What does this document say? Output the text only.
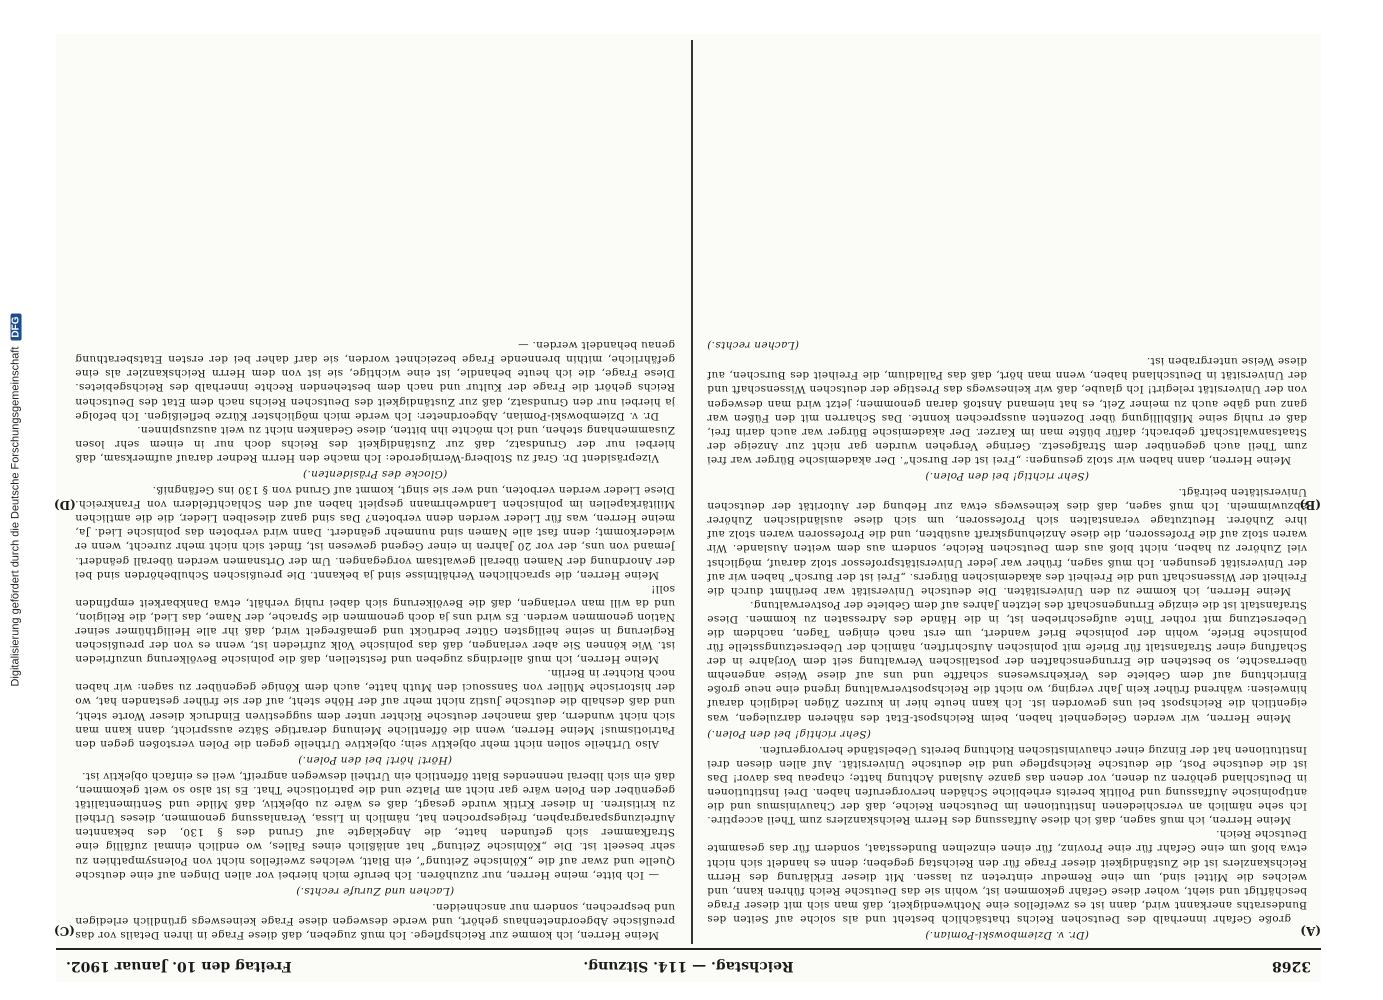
Digitalisierung gefördert durch die Deutsche Forschungsgemeinschaft
DFG
3268
Reichstag. — 114. Sitzung.
Freitag den 10. Januar 1902.
(A)
(B)
(C)
(D)

(Dr. v. Dziembowski-Pomian.)

große Gefahr innerhalb des Deutschen Reichs thatsächlich besteht und als solche auf Seiten des Bundesraths anerkannt wird, dann ist es zweifellos eine Nothwendigkeit, daß man sich mit dieser Frage beschäftigt und sieht, woher diese Gefahr gekommen ist, wohin sie das Deutsche Reich führen kann, und welches die Mittel sind, um eine Remedur eintreten zu lassen. Mit dieser Erklärung des Herrn Reichskanzlers ist die Zuständigkeit dieser Frage für den Reichstag gegeben; denn es handelt sich nicht etwa bloß um eine Gefahr für eine Provinz, für einen einzelnen Bundesstaat, sondern für das gesammte Deutsche Reich.

Meine Herren, ich muß sagen, daß ich diese Auffassung des Herrn Reichskanzlers zum Theil acceptire. Ich sehe nämlich an verschiedenen Institutionen im Deutschen Reiche, daß der Chauvinismus und die antipolnische Auffassung und Politik bereits erhebliche Schäden hervorgerufen haben. Drei Institutionen in Deutschland gehören zu denen, vor denen das ganze Ausland Achtung hatte; chapeau bas davor! Das ist die deutsche Post, die deutsche Reichspflege und die deutsche Universität. Auf allen diesen drei Institutionen hat der Einzug einer chauvinistischen Richtung bereits Uebelstände hervorgerufen.

(Sehr richtig! bei den Polen.)

Meine Herren, wir werden Gelegenheit haben, beim Reichspost-Etat des näheren darzulegen, was eigentlich die Reichspost bei uns geworden ist. Ich kann heute hier in kurzen Zügen lediglich darauf hinweisen: während früher kein Jahr verging, wo nicht die Reichspostverwaltung irgend eine neue große Einrichtung auf dem Gebiete des Verkehrswesens schaffte und uns auf diese Weise angenehm überraschte, so bestehen die Errungenschaften der postalischen Verwaltung seit dem Vorjahre in der Schaffung einer Strafanstalt für Briefe mit polnischen Aufschriften, nämlich der Uebersetzungsstelle für polnische Briefe, wohin der polnische Brief wandert, um erst nach einigen Tagen, nachdem die Uebersetzung mit rother Tinte aufgeschrieben ist, in die Hände des Adressaten zu kommen. Diese Strafanstalt ist die einzige Errungenschaft des letzten Jahres auf dem Gebiete der Postverwaltung.

Meine Herren, ich komme zu den Universitäten. Die deutsche Universität war berühmt durch die Freiheit der Wissenschaft und die Freiheit des akademischen Bürgers. „Frei ist der Bursch“ haben wir auf der Universität gesungen. Ich muß sagen, früher war jeder Universitätsprofessor stolz darauf, möglichst viel Zuhörer zu haben, nicht bloß aus dem Deutschen Reiche, sondern aus dem weiten Auslande. Wir waren stolz auf die Professoren, die diese Anziehungskraft ausübten, und die Professoren waren stolz auf ihre Zuhörer. Heutzutage veranstalten sich Professoren, um sich diese ausländischen Zuhörer abzuwimmeln. Ich muß sagen, daß dies keineswegs etwa zur Hebung der Autorität der deutschen Universitäten beiträgt.

(Sehr richtig! bei den Polen.)

Meine Herren, dann haben wir stolz gesungen: „Frei ist der Bursch“. Der akademische Bürger war frei zum Theil auch gegenüber dem Strafgesetz. Geringe Vergehen wurden gar nicht zur Anzeige der Staatsanwaltschaft gebracht; dafür büßte man im Karzer. Der akademische Bürger war auch darin frei, daß er ruhig seine Mißbilligung über Dozenten aussprechen konnte. Das Scharren mit den Füßen war ganz und gäbe auch zu meiner Zeit, es hat niemand Anstoß daran genommen; jetzt wird man deswegen von der Universität relegirt! Ich glaube, daß wir keineswegs das Prestige der deutschen Wissenschaft und der Universität in Deutschland haben, wenn man hört, daß das Palladium, die Freiheit des Burschen, auf diese Weise untergraben ist.

(Lachen rechts.)

Meine Herren, ich komme zur Reichspflege. Ich muß zugeben, daß diese Frage in ihren Details vor das preußische Abgeordnetenhaus gehört, und werde deswegen diese Frage keineswegs gründlich erledigen und besprechen, sondern nur anschneiden.

(Lachen und Zurufe rechts.)

— Ich bitte, meine Herren, nur zuzuhören. Ich berufe mich hierbei vor allen Dingen auf eine deutsche Quelle und zwar auf die „Kölnische Zeitung“, ein Blatt, welches zweifellos nicht von Polensympathien zu sehr beseelt ist. Die „Kölnische Zeitung“ hat anläßlich eines Falles, wo endlich einmal zufällig eine Strafkammer sich gefunden hatte, die Angeklagte auf Grund des § 130, des bekannten Aufreizungsparagraphen, freigesprochen hat, nämlich in Lissa, Veranlassung genommen, dieses Urtheil zu kritisiren. In dieser Kritik wurde gesagt, daß es wäre zu objektiv, daß Milde und Sentimentalität gegenüber den Polen wäre gar nicht am Platze und die patriotische That. Es ist also so weit gekommen, daß ein sich liberal nennendes Blatt öffentlich ein Urtheil deswegen angreift, weil es einfach objektiv ist.

(Hört! hört! bei den Polen.)

Also Urtheile sollen nicht mehr objektiv sein; objektive Urtheile gegen die Polen verstoßen gegen den Patriotismus! Meine Herren, wenn die öffentliche Meinung derartige Sätze ausspricht, dann kann man sich nicht wundern, daß mancher deutsche Richter unter dem suggestiven Eindruck dieser Worte steht, und daß deshalb die deutsche Justiz nicht mehr auf der Höhe steht, auf der sie früher gestanden hat, wo der historische Müller von Sanssouci den Muth hatte, auch dem Könige gegenüber zu sagen: wir haben noch Richter in Berlin.

Meine Herren, ich muß allerdings zugeben und feststellen, daß die polnische Bevölkerung unzufrieden ist. Wie können Sie aber verlangen, daß das polnische Volk zufrieden ist, wenn es von der preußischen Regierung in seine heiligsten Güter bedrückt und gemaßregelt wird, daß ihr alle Heiligthümer seiner Nation genommen werden. Es wird uns ja doch genommen die Sprache, der Name, das Lied, die Religion, und da will man verlangen, daß die Bevölkerung sich dabei ruhig verhält, etwa Dankbarkeit empfinden soll!

Meine Herren, die sprachlichen Verhältnisse sind ja bekannt. Die preußischen Schulbehörden sind bei der Anordnung der Namen überall gewaltsam vorgegangen. Um der Ortsnamen werden überall geändert. Jemand von uns, der vor 20 Jahren in einer Gegend gewesen ist, findet sich nicht mehr zurecht, wenn er wiederkommt; denn fast alle Namen sind nunmehr geändert. Dann wird verboten das polnische Lied. Ja, meine Herren, was für Lieder werden denn verboten? Das sind ganz dieselben Lieder, die die amtlichen Militärkapellen im polnischen Landwehrmann gespielt haben auf den Schlachtfeldern von Frankreich. Diese Lieder werden verboten, und wer sie singt, kommt auf Grund von § 130 ins Gefängniß.

(Glocke des Präsidenten.)

Vizepräsident Dr. Graf zu Stolberg-Wernigerode: Ich mache den Herrn Redner darauf aufmerksam, daß hierbei nur der Grundsatz, daß zur Zuständigkeit des Reichs doch nur in einem sehr losen Zusammenhang stehen, und ich möchte ihn bitten, diese Gedanken nicht zu weit auszuspinnen.

Dr. v. Dziembowski-Pomian, Abgeordneter: Ich werde mich möglichster Kürze befleißigen. Ich befolge ja hierbei nur den Grundsatz, daß zur Zuständigkeit des Deutschen Reichs nach dem Etat des Deutschen Reichs gehört die Frage der Kultur und nach dem bestehenden Rechte innerhalb des Reichsgebietes. Diese Frage, die ich heute behandle, ist eine wichtige, sie ist von dem Herrn Reichskanzler als eine gefährliche, mithin brennende Frage bezeichnet worden, sie darf daher bei der ersten Etatsberathung genau behandelt werden. —
